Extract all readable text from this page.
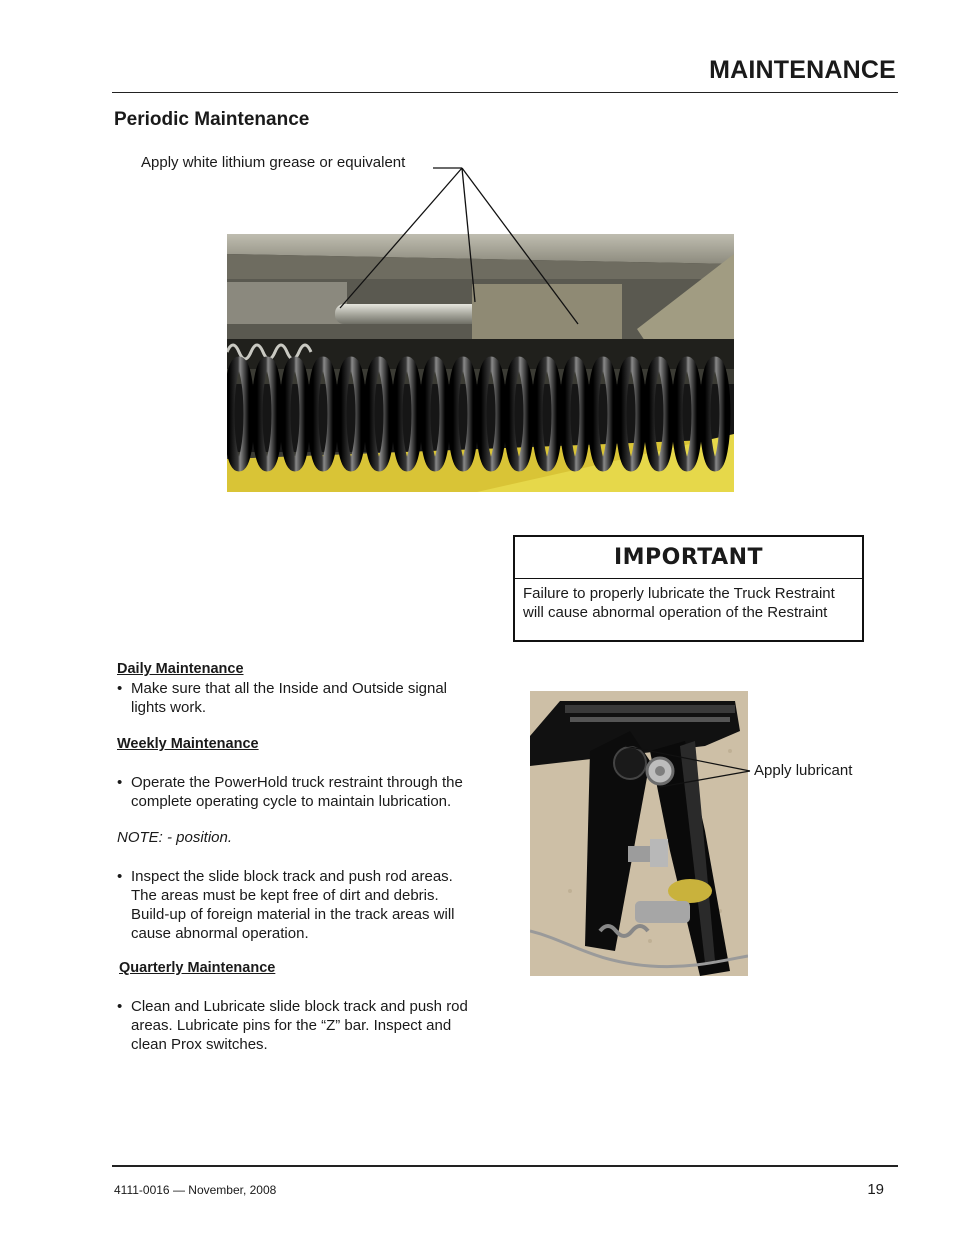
MAINTENANCE
Periodic Maintenance
Apply white lithium grease or equivalent
IMPORTANT
Failure to properly lubricate the Truck Restraint
will cause abnormal operation of the Restraint
Daily Maintenance
• Make sure that all the Inside and Outside signal
lights work.
Weekly Maintenance
• Operate the PowerHold truck restraint through the
complete operating cycle to maintain lubrication.
NOTE: - position.
• Inspect the slide block track and push rod areas.
The areas must be kept free of dirt and debris.
Build-up of foreign material in the track areas will
cause abnormal operation.
Quarterly Maintenance
• Clean and Lubricate slide block track and push rod
areas. Lubricate pins for the “Z” bar. Inspect and
clean Prox switches.
Apply lubricant
4111-0016 — November, 2008	19
